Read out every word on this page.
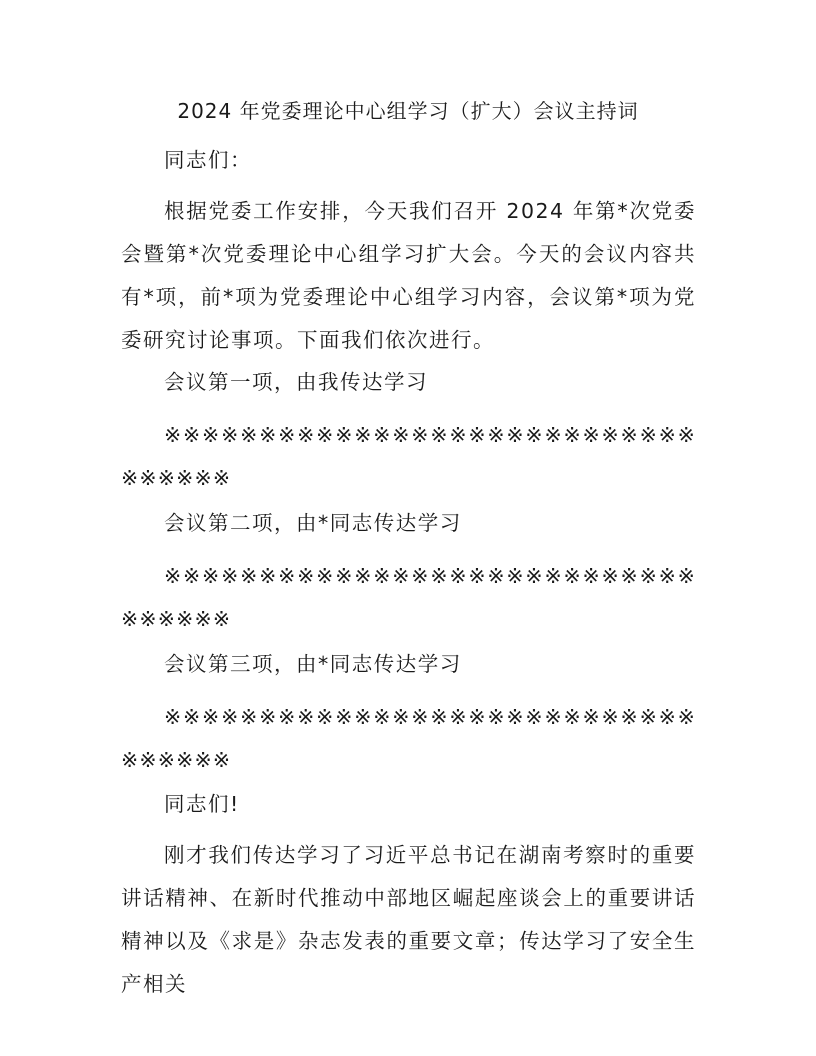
2024 年党委理论中心组学习（扩大）会议主持词
同志们：
根据党委工作安排，今天我们召开 2024 年第*次党委会暨第*次党委理论中心组学习扩大会。今天的会议内容共有*项，前*项为党委理论中心组学习内容，会议第*项为党委研究讨论事项。下面我们依次进行。
会议第一项，由我传达学习
※※※※※※※※※※※※※※※※※※※※※※※※※※※※※※※※※※
会议第二项，由*同志传达学习
※※※※※※※※※※※※※※※※※※※※※※※※※※※※※※※※※※
会议第三项，由*同志传达学习
※※※※※※※※※※※※※※※※※※※※※※※※※※※※※※※※※※
同志们!
刚才我们传达学习了习近平总书记在湖南考察时的重要讲话精神、在新时代推动中部地区崛起座谈会上的重要讲话精神以及《求是》杂志发表的重要文章；传达学习了安全生产相关
